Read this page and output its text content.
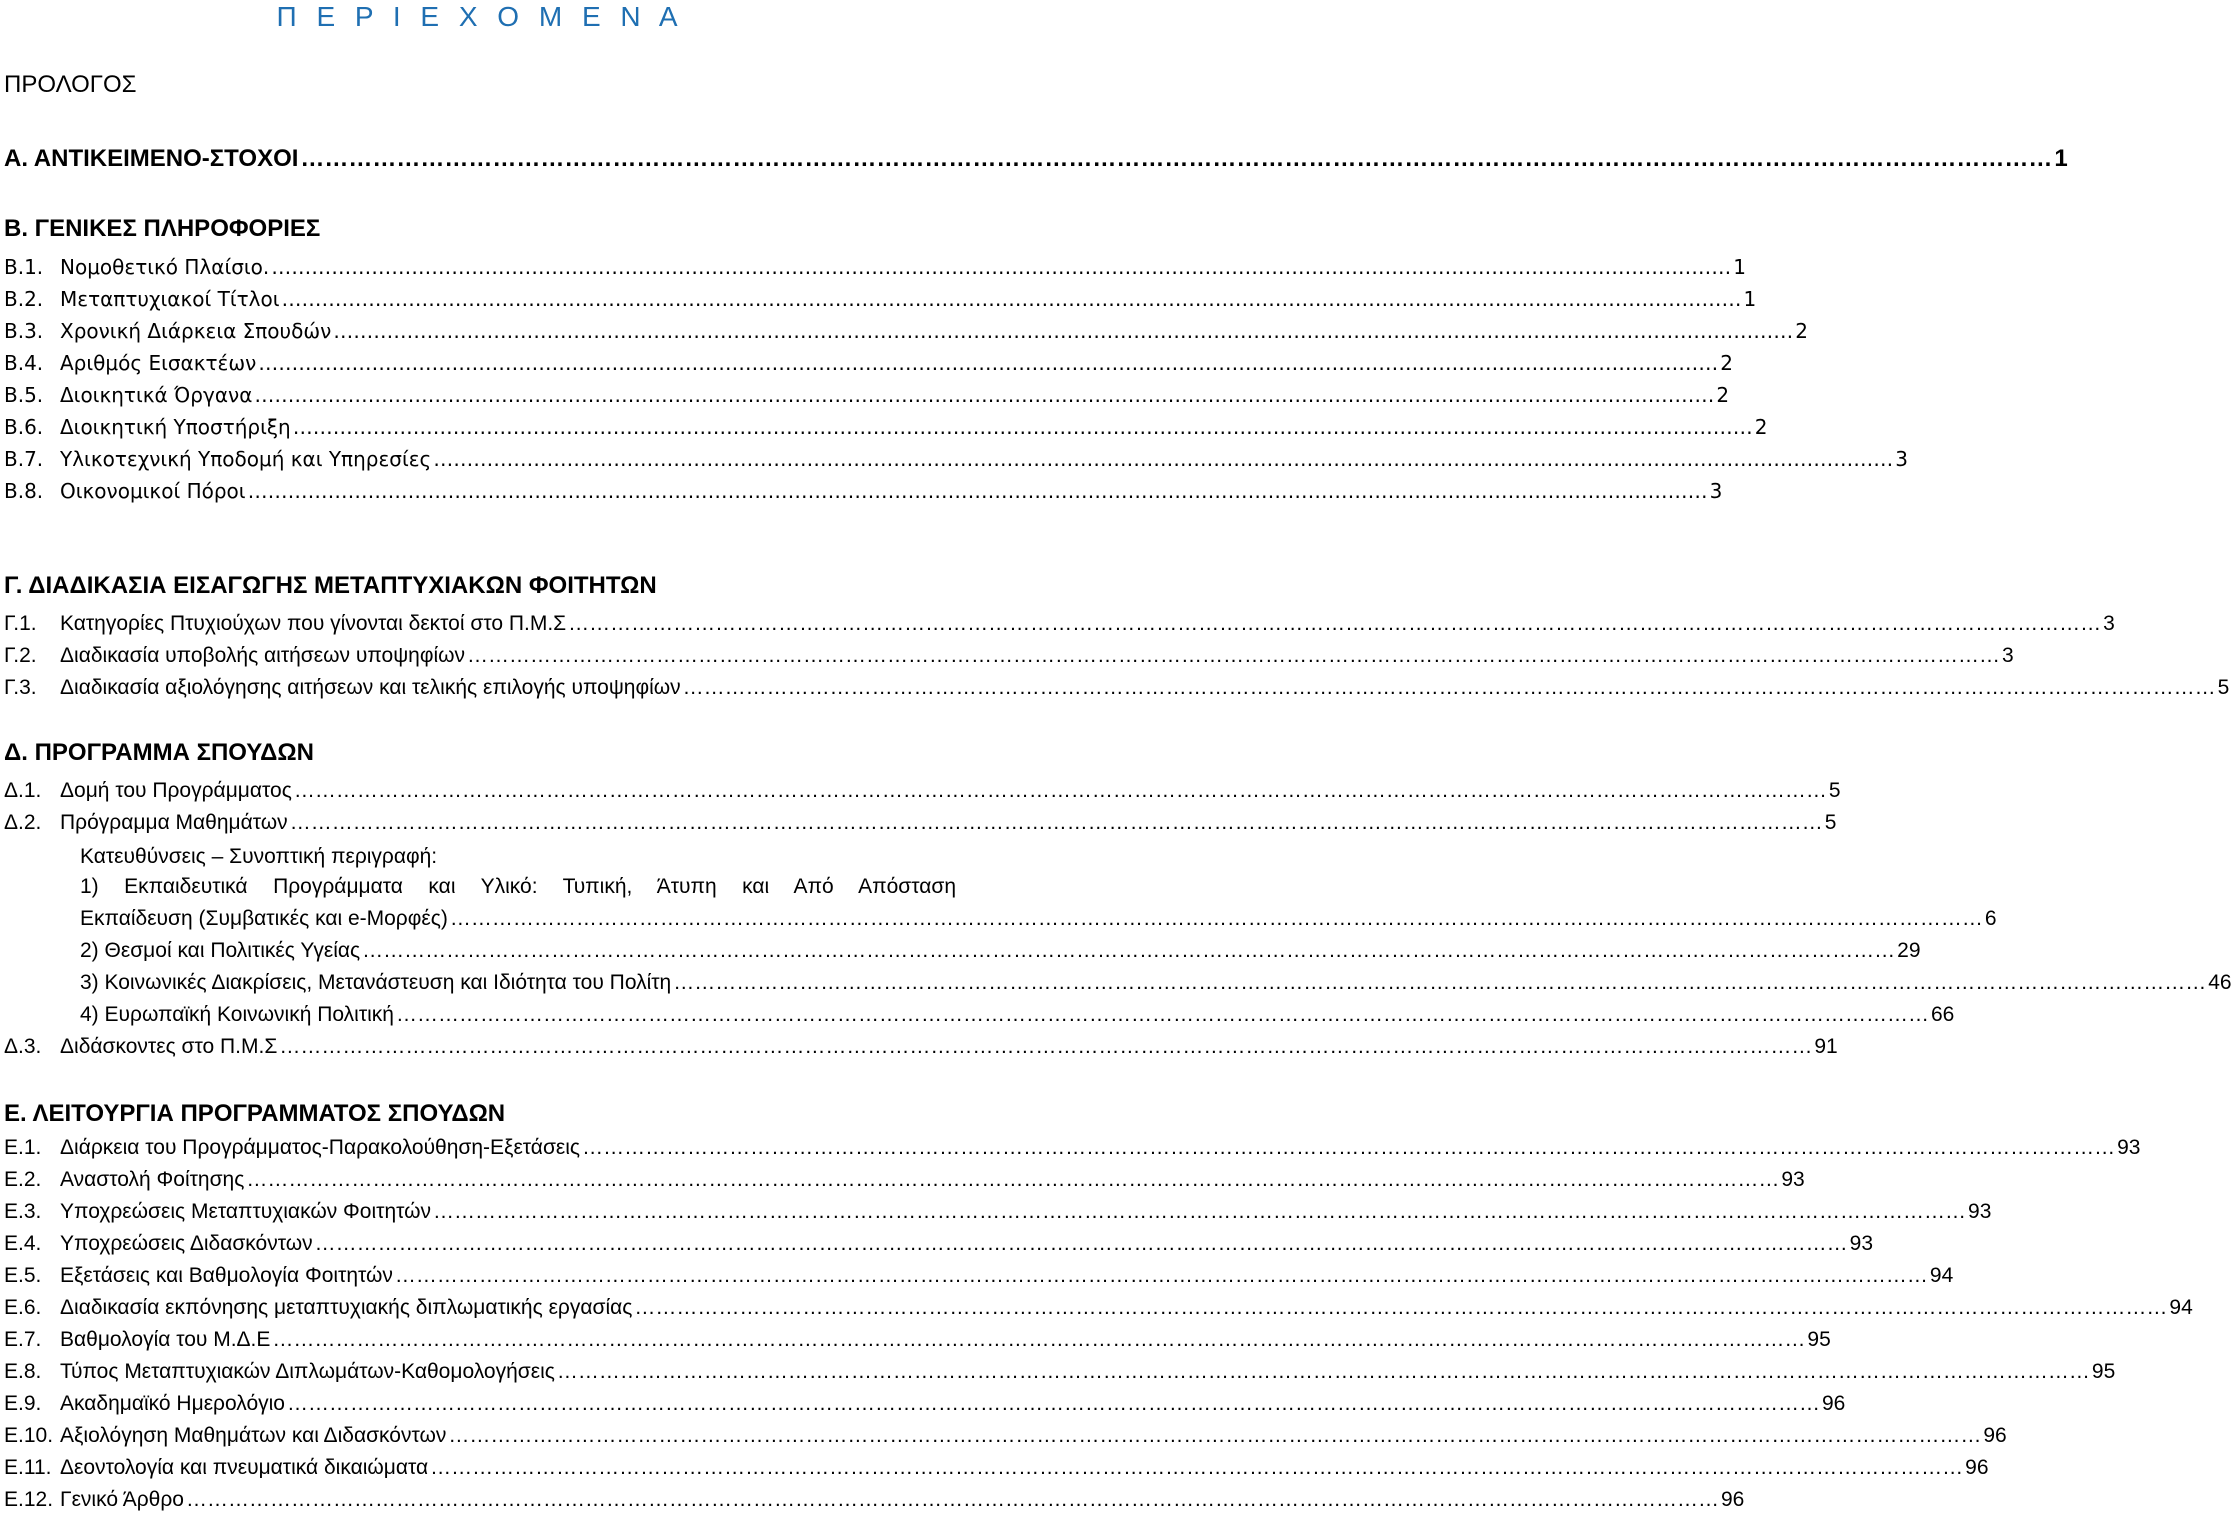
Π Ε Ρ Ι Ε Χ Ο Μ Ε Ν Α
ΠΡΟΛΟΓΟΣ
Α. ΑΝΤΙΚΕΙΜΕΝΟ-ΣΤΟΧΟΙ …………………………………………………………………………………………………………………………………………………………………………………………………	1
Β. ΓΕΝΙΚΕΣ ΠΛΗΡΟΦΟΡΙΕΣ
Β.1. Νομοθετικό Πλαίσιο. …………………………………………………………………………………………………………………………………………………………………………………………………	1
Β.2. Μεταπτυχιακοί Τίτλοι …………………………………………………………………………………………………………………………………………………………………………………………………	1
Β.3. Χρονική Διάρκεια Σπουδών …………………………………………………………………………………………………………………………………………………………………………………………………	2
Β.4. Αριθμός Εισακτέων …………………………………………………………………………………………………………………………………………………………………………………………………	2
Β.5. Διοικητικά Όργανα …………………………………………………………………………………………………………………………………………………………………………………………………	2
Β.6. Διοικητική Υποστήριξη …………………………………………………………………………………………………………………………………………………………………………………………………	2
Β.7. Υλικοτεχνική Υποδομή και Υπηρεσίες …………………………………………………………………………………………………………………………………………………………………………………………………	3
Β.8. Οικονομικοί Πόροι …………………………………………………………………………………………………………………………………………………………………………………………………	3
Γ. ΔΙΑΔΙΚΑΣΙΑ ΕΙΣΑΓΩΓΗΣ ΜΕΤΑΠΤΥΧΙΑΚΩΝ ΦΟΙΤΗΤΩΝ
Γ.1.	Κατηγορίες Πτυχιούχων που γίνονται δεκτοί στο Π.Μ.Σ …………………………………………………………………………………………………………………………………………………………………………………………………	3
Γ.2.	Διαδικασία υποβολής αιτήσεων υποψηφίων …………………………………………………………………………………………………………………………………………………………………………………………………	3
Γ.3.	Διαδικασία αξιολόγησης αιτήσεων και τελικής επιλογής υποψηφίων …………………………………………………………………………………………………………………………………………………………………………………………………	5
Δ. ΠΡΟΓΡΑΜΜΑ ΣΠΟΥΔΩΝ
Δ.1. Δομή του Προγράμματος …………………………………………………………………………………………………………………………………………………………………………………………………	5
Δ.2. Πρόγραμμα Μαθημάτων …………………………………………………………………………………………………………………………………………………………………………………………………	5
Κατευθύνσεις – Συνοπτική περιγραφή:
1) Εκπαιδευτικά Προγράμματα και Υλικό: Τυπική, Άτυπη και Από Απόσταση
Εκπαίδευση (Συμβατικές και e-Μορφές) …………………………………………………………………………………………………………………………………………………………………………………………………	6
2) Θεσμοί και Πολιτικές Υγείας …………………………………………………………………………………………………………………………………………………………………………………………………	29
3) Κοινωνικές Διακρίσεις, Μετανάστευση και Ιδιότητα του Πολίτη …………………………………………………………………………………………………………………………………………………………………………………………………	46
4) Ευρωπαϊκή Κοινωνική Πολιτική …………………………………………………………………………………………………………………………………………………………………………………………………	66
Δ.3. Διδάσκοντες στο Π.Μ.Σ …………………………………………………………………………………………………………………………………………………………………………………………………	91
Ε. ΛΕΙΤΟΥΡΓΙΑ ΠΡΟΓΡΑΜΜΑΤΟΣ ΣΠΟΥΔΩΝ
Ε.1. Διάρκεια του Προγράμματος-Παρακολούθηση-Εξετάσεις …………………………………………………………………………………………………………………………………………………………………………………………………	93
Ε.2. Αναστολή Φοίτησης …………………………………………………………………………………………………………………………………………………………………………………………………	93
Ε.3. Υποχρεώσεις Μεταπτυχιακών Φοιτητών …………………………………………………………………………………………………………………………………………………………………………………………………	93
Ε.4. Υποχρεώσεις Διδασκόντων …………………………………………………………………………………………………………………………………………………………………………………………………	93
Ε.5. Εξετάσεις και Βαθμολογία Φοιτητών …………………………………………………………………………………………………………………………………………………………………………………………………	94
Ε.6. Διαδικασία εκπόνησης μεταπτυχιακής διπλωματικής εργασίας …………………………………………………………………………………………………………………………………………………………………………………………………	94
Ε.7. Βαθμολογία του Μ.Δ.Ε …………………………………………………………………………………………………………………………………………………………………………………………………	95
Ε.8. Τύπος Μεταπτυχιακών Διπλωμάτων-Καθομολογήσεις …………………………………………………………………………………………………………………………………………………………………………………………………	95
Ε.9. Ακαδημαϊκό Ημερολόγιο …………………………………………………………………………………………………………………………………………………………………………………………………	96
Ε.10. Αξιολόγηση Μαθημάτων και Διδασκόντων …………………………………………………………………………………………………………………………………………………………………………………………………	96
Ε.11. Δεοντολογία και πνευματικά δικαιώματα …………………………………………………………………………………………………………………………………………………………………………………………………	96
Ε.12. Γενικό Άρθρο …………………………………………………………………………………………………………………………………………………………………………………………………	96
